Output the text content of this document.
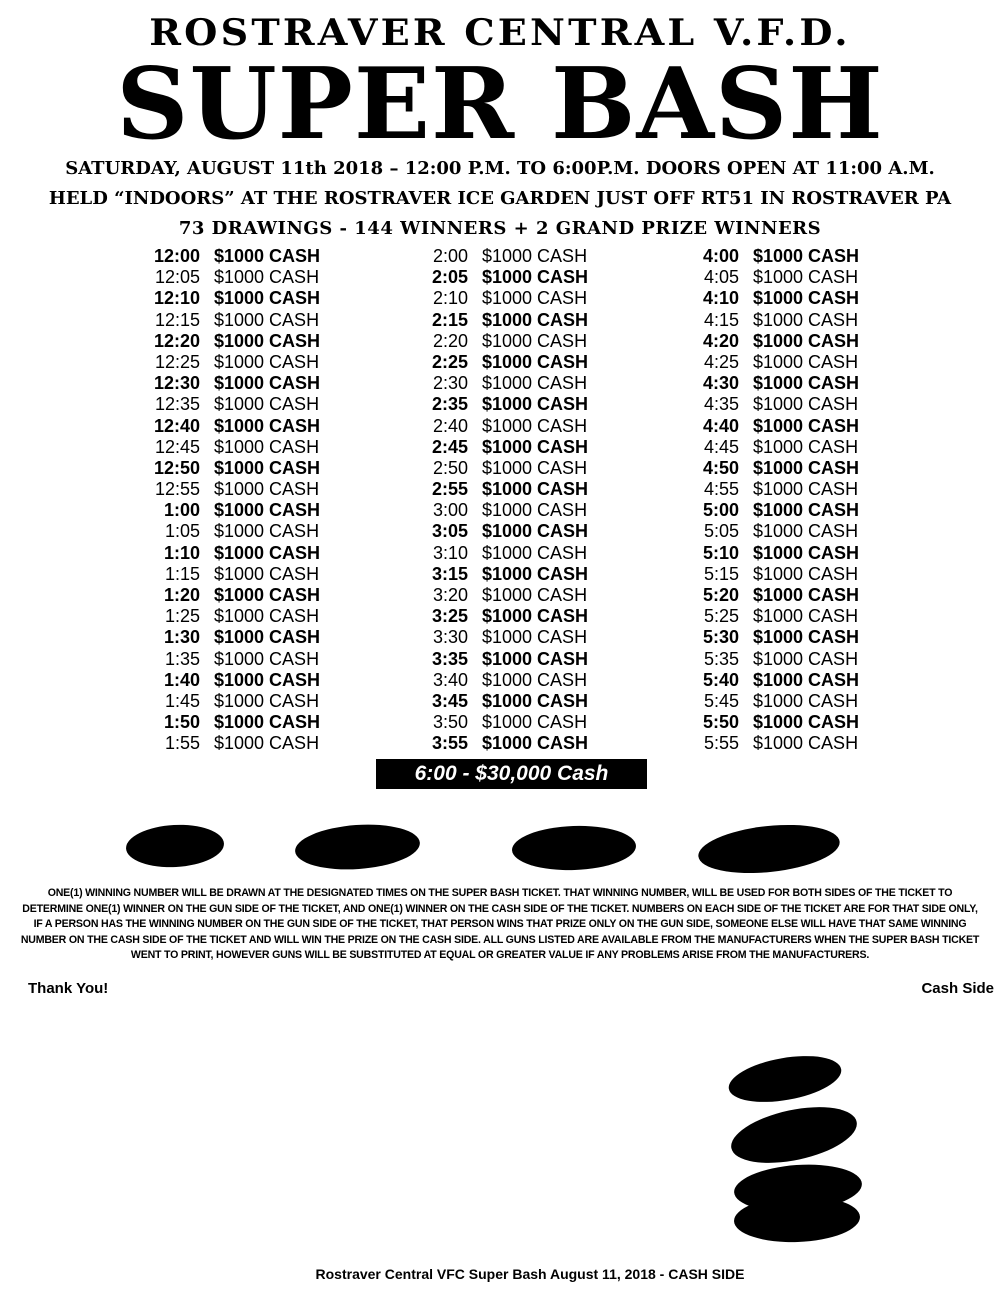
ROSTRAVER CENTRAL V.F.D.
SUPER BASH
SATURDAY, AUGUST 11th 2018 – 12:00 P.M. TO 6:00P.M. DOORS OPEN AT 11:00 A.M.
HELD “INDOORS” AT THE ROSTRAVER ICE GARDEN JUST OFF RT51 IN ROSTRAVER PA
73 DRAWINGS - 144 WINNERS + 2 GRAND PRIZE WINNERS
12:00 $1000 CASH
12:05 $1000 CASH
12:10 $1000 CASH
12:15 $1000 CASH
12:20 $1000 CASH
12:25 $1000 CASH
12:30 $1000 CASH
12:35 $1000 CASH
12:40 $1000 CASH
12:45 $1000 CASH
12:50 $1000 CASH
12:55 $1000 CASH
1:00 $1000 CASH
1:05 $1000 CASH
1:10 $1000 CASH
1:15 $1000 CASH
1:20 $1000 CASH
1:25 $1000 CASH
1:30 $1000 CASH
1:35 $1000 CASH
1:40 $1000 CASH
1:45 $1000 CASH
1:50 $1000 CASH
1:55 $1000 CASH
2:00 $1000 CASH
2:05 $1000 CASH
2:10 $1000 CASH
2:15 $1000 CASH
2:20 $1000 CASH
2:25 $1000 CASH
2:30 $1000 CASH
2:35 $1000 CASH
2:40 $1000 CASH
2:45 $1000 CASH
2:50 $1000 CASH
2:55 $1000 CASH
3:00 $1000 CASH
3:05 $1000 CASH
3:10 $1000 CASH
3:15 $1000 CASH
3:20 $1000 CASH
3:25 $1000 CASH
3:30 $1000 CASH
3:35 $1000 CASH
3:40 $1000 CASH
3:45 $1000 CASH
3:50 $1000 CASH
3:55 $1000 CASH
4:00 $1000 CASH
4:05 $1000 CASH
4:10 $1000 CASH
4:15 $1000 CASH
4:20 $1000 CASH
4:25 $1000 CASH
4:30 $1000 CASH
4:35 $1000 CASH
4:40 $1000 CASH
4:45 $1000 CASH
4:50 $1000 CASH
4:55 $1000 CASH
5:00 $1000 CASH
5:05 $1000 CASH
5:10 $1000 CASH
5:15 $1000 CASH
5:20 $1000 CASH
5:25 $1000 CASH
5:30 $1000 CASH
5:35 $1000 CASH
5:40 $1000 CASH
5:45 $1000 CASH
5:50 $1000 CASH
5:55 $1000 CASH
6:00 - $30,000 Cash
ONE(1) WINNING NUMBER WILL BE DRAWN AT THE DESIGNATED TIMES ON THE SUPER BASH TICKET. THAT WINNING NUMBER, WILL BE USED FOR BOTH SIDES OF THE TICKET TO DETERMINE ONE(1) WINNER ON THE GUN SIDE OF THE TICKET, AND ONE(1) WINNER ON THE CASH SIDE OF THE TICKET. NUMBERS ON EACH SIDE OF THE TICKET ARE FOR THAT SIDE ONLY, IF A PERSON HAS THE WINNING NUMBER ON THE GUN SIDE OF THE TICKET, THAT PERSON WINS THAT PRIZE ONLY ON THE GUN SIDE, SOMEONE ELSE WILL HAVE THAT SAME WINNING NUMBER ON THE CASH SIDE OF THE TICKET AND WILL WIN THE PRIZE ON THE CASH SIDE. ALL GUNS LISTED ARE AVAILABLE FROM THE MANUFACTURERS WHEN THE SUPER BASH TICKET WENT TO PRINT, HOWEVER GUNS WILL BE SUBSTITUTED AT EQUAL OR GREATER VALUE IF ANY PROBLEMS ARISE FROM THE MANUFACTURERS.
Thank You!	Cash Side
Rostraver Central VFC Super Bash August 11, 2018 - CASH SIDE
